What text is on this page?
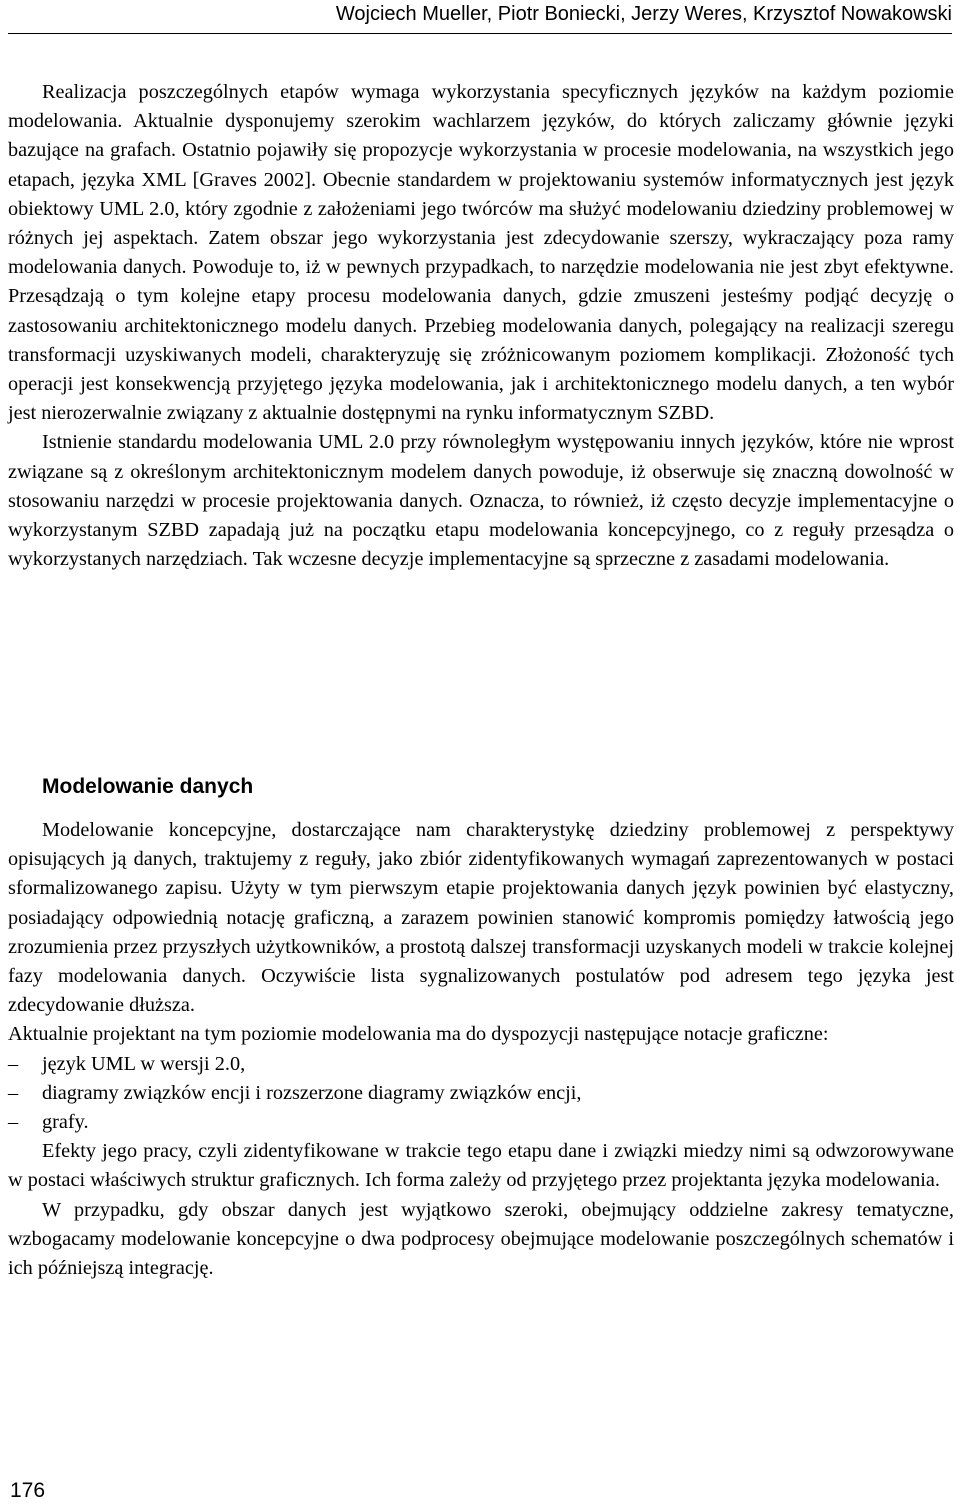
Wojciech Mueller, Piotr Boniecki, Jerzy Weres, Krzysztof Nowakowski

Realizacja poszczególnych etapów wymaga wykorzystania specyficznych języków na każdym poziomie modelowania. Aktualnie dysponujemy szerokim wachlarzem języków, do których zaliczamy głównie języki bazujące na grafach. Ostatnio pojawiły się propozycje wykorzystania w procesie modelowania, na wszystkich jego etapach, języka XML [Graves 2002]. Obecnie standardem w projektowaniu systemów informatycznych jest język obiektowy UML 2.0, który zgodnie z założeniami jego twórców ma służyć modelowaniu dziedziny problemowej w różnych jej aspektach. Zatem obszar jego wykorzystania jest zdecydowanie szerszy, wykraczający poza ramy modelowania danych. Powoduje to, iż w pewnych przypadkach, to narzędzie modelowania nie jest zbyt efektywne. Przesądzają o tym kolejne etapy procesu modelowania danych, gdzie zmuszeni jesteśmy podjąć decyzję o zastosowaniu architektonicznego modelu danych. Przebieg modelowania danych, polegający na realizacji szeregu transformacji uzyskiwanych modeli, charakteryzuję się zróżnicowanym poziomem komplikacji. Złożoność tych operacji jest konsekwencją przyjętego języka modelowania, jak i architektonicznego modelu danych, a ten wybór jest nierozerwalnie związany z aktualnie dostępnymi na rynku informatycznym SZBD.

Istnienie standardu modelowania UML 2.0 przy równoległym występowaniu innych języków, które nie wprost związane są z określonym architektonicznym modelem danych powoduje, iż obserwuje się znaczną dowolność w stosowaniu narzędzi w procesie projektowania danych. Oznacza, to również, iż często decyzje implementacyjne o wykorzystanym SZBD zapadają już na początku etapu modelowania koncepcyjnego, co z reguły przesądza o wykorzystanych narzędziach. Tak wczesne decyzje implementacyjne są sprzeczne z zasadami modelowania.

Modelowanie danych

Modelowanie koncepcyjne, dostarczające nam charakterystykę dziedziny problemowej z perspektywy opisujących ją danych, traktujemy z reguły, jako zbiór zidentyfikowanych wymagań zaprezentowanych w postaci sformalizowanego zapisu. Użyty w tym pierwszym etapie projektowania danych język powinien być elastyczny, posiadający odpowiednią notację graficzną, a zarazem powinien stanowić kompromis pomiędzy łatwością jego zrozumienia przez przyszłych użytkowników, a prostotą dalszej transformacji uzyskanych modeli w trakcie kolejnej fazy modelowania danych. Oczywiście lista sygnalizowanych postulatów pod adresem tego języka jest zdecydowanie dłuższa.

Aktualnie projektant na tym poziomie modelowania ma do dyspozycji następujące notacje graficzne:

– język UML w wersji 2.0,
– diagramy związków encji i rozszerzone diagramy związków encji,
– grafy.

Efekty jego pracy, czyli zidentyfikowane w trakcie tego etapu dane i związki miedzy nimi są odwzorowywane w postaci właściwych struktur graficznych. Ich forma zależy od przyjętego przez projektanta języka modelowania.

W przypadku, gdy obszar danych jest wyjątkowo szeroki, obejmujący oddzielne zakresy tematyczne, wzbogacamy modelowanie koncepcyjne o dwa podprocesy obejmujące modelowanie poszczególnych schematów i ich późniejszą integrację.

176
